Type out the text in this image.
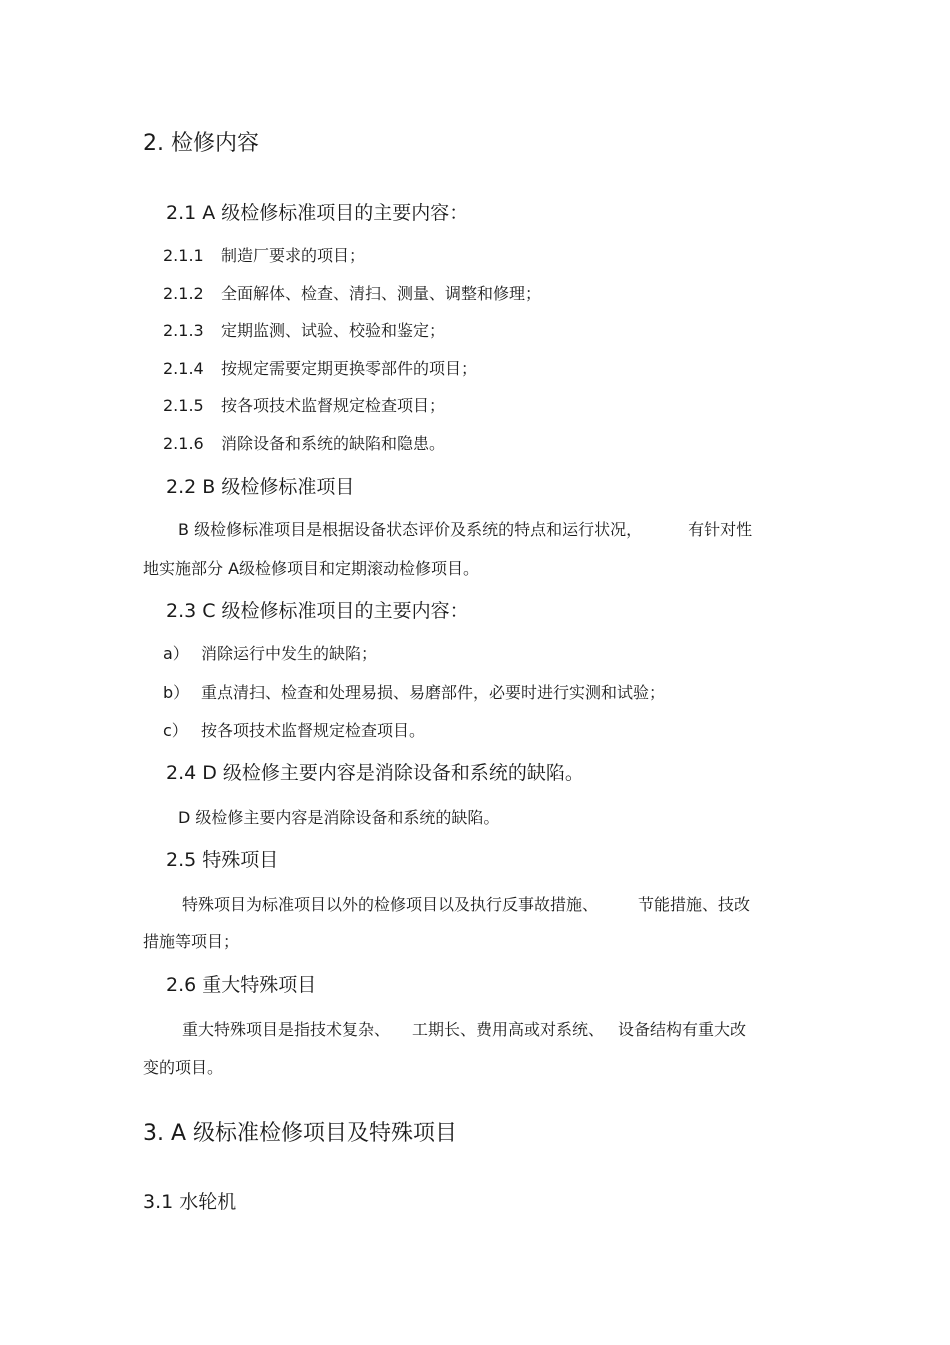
2. 检修内容
2.1 A 级检修标准项目的主要内容：
2.1.1 制造厂要求的项目；
2.1.2 全面解体、检查、清扫、测量、调整和修理；
2.1.3 定期监测、试验、校验和鉴定；
2.1.4 按规定需要定期更换零部件的项目；
2.1.5 按各项技术监督规定检查项目；
2.1.6 消除设备和系统的缺陷和隐患。
2.2 B 级检修标准项目
B 级检修标准项目是根据设备状态评价及系统的特点和运行状况，	有针对性
地实施部分 A级检修项目和定期滚动检修项目。
2.3 C 级检修标准项目的主要内容：
a） 消除运行中发生的缺陷；
b） 重点清扫、检查和处理易损、易磨部件，必要时进行实测和试验；
c） 按各项技术监督规定检查项目。
2.4 D 级检修主要内容是消除设备和系统的缺陷。
D 级检修主要内容是消除设备和系统的缺陷。
2.5 特殊项目
特殊项目为标准项目以外的检修项目以及执行反事故措施、	节能措施、技改
措施等项目；
2.6 重大特殊项目
重大特殊项目是指技术复杂、 工期长、费用高或对系统、 设备结构有重大改
变的项目。
3. A 级标准检修项目及特殊项目
3.1 水轮机
